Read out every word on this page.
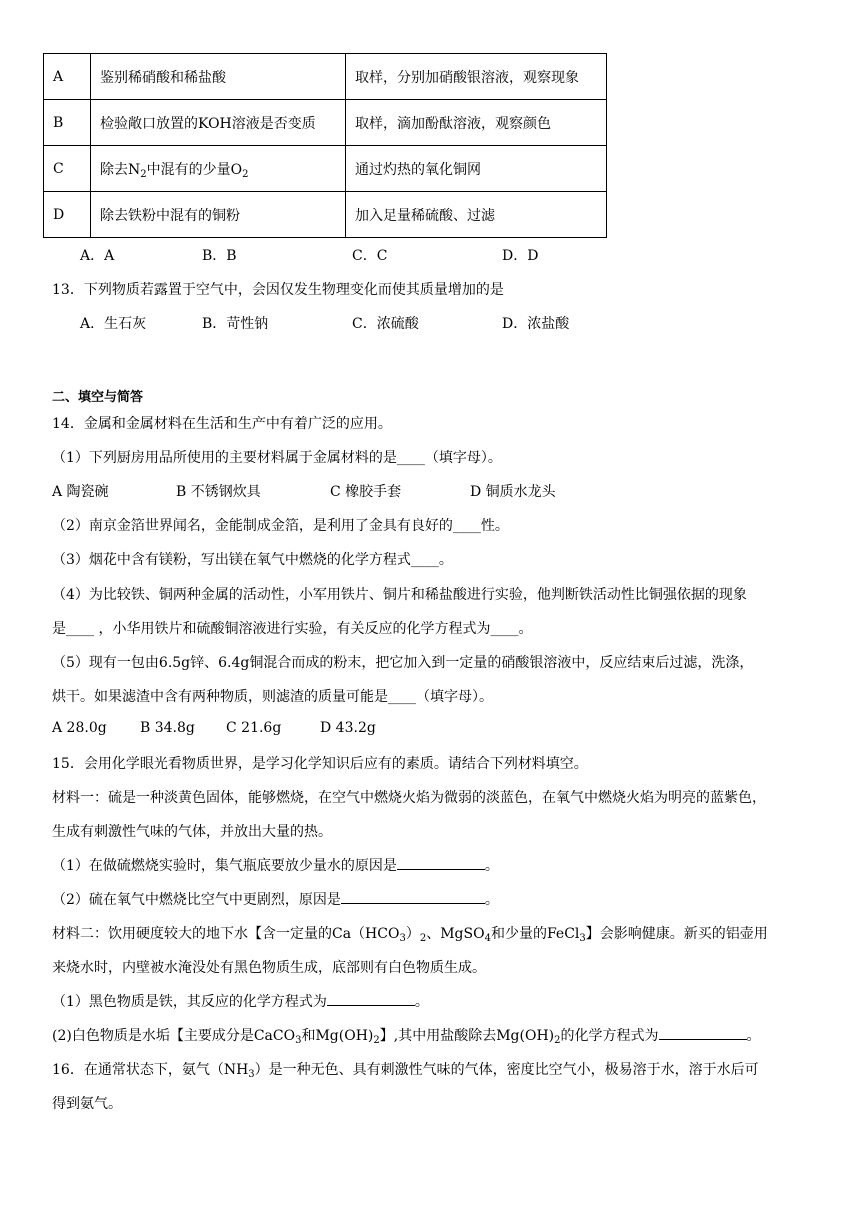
A	鉴别稀硝酸和稀盐酸	取样，分别加硝酸银溶液，观察现象
B	检验敞口放置的KOH溶液是否变质	取样，滴加酚酞溶液，观察颜色
C	除去$N_2$中混有的少量$O_2$	通过灼热的氧化铜网
D	除去铁粉中混有的铜粉	加入足量稀硫酸、过滤
A．A	B．B	C．C	D．D
13．下列物质若露置于空气中，会因仅发生物理变化而使其质量增加的是
A．生石灰	B．苛性钠	C．浓硫酸	D．浓盐酸
二、填空与简答
14．金属和金属材料在生活和生产中有着广泛的应用。
（1）下列厨房用品所使用的主要材料属于金属材料的是____（填字母）。
A 陶瓷碗	B 不锈钢炊具	C 橡胶手套	D 铜质水龙头
（2）南京金箔世界闻名，金能制成金箔，是利用了金具有良好的____性。
（3）烟花中含有镁粉，写出镁在氧气中燃烧的化学方程式____。
（4）为比较铁、铜两种金属的活动性，小军用铁片、铜片和稀盐酸进行实验，他判断铁活动性比铜强依据的现象
是____ ，小华用铁片和硫酸铜溶液进行实验，有关反应的化学方程式为____。
（5）现有一包由6.5g锌、6.4g铜混合而成的粉末，把它加入到一定量的硝酸银溶液中，反应结束后过滤，洗涤，
烘干。如果滤渣中含有两种物质，则滤渣的质量可能是____（填字母）。
A 28.0g B 34.8g C 21.6g	D 43.2g
15．会用化学眼光看物质世界，是学习化学知识后应有的素质。请结合下列材料填空。
材料一：硫是一种淡黄色固体，能够燃烧，在空气中燃烧火焰为微弱的淡蓝色，在氧气中燃烧火焰为明亮的蓝紫色，
生成有刺激性气味的气体，并放出大量的热。
（1）在做硫燃烧实验时，集气瓶底要放少量水的原因是	。
（2）硫在氧气中燃烧比空气中更剧烈，原因是	。
材料二：饮用硬度较大的地下水【含一定量的$Ca(HCO_3)_2$、MgSO$_4$和少量的FeCl$_3$】会影响健康。新买的铝壶用
来烧水时，内壁被水淹没处有黑色物质生成，底部则有白色物质生成。
（1）黑色物质是铁，其反应的化学方程式为	。
(2)白色物质是水垢【主要成分是CaCO$_3$和$Mg(OH)_2$】,其中用盐酸除去$Mg(OH)_2$的化学方程式为	。
16．在通常状态下，氨气$(NH_3)$是一种无色、具有刺激性气味的气体，密度比空气小，极易溶于水，溶于水后可
得到氨气。
